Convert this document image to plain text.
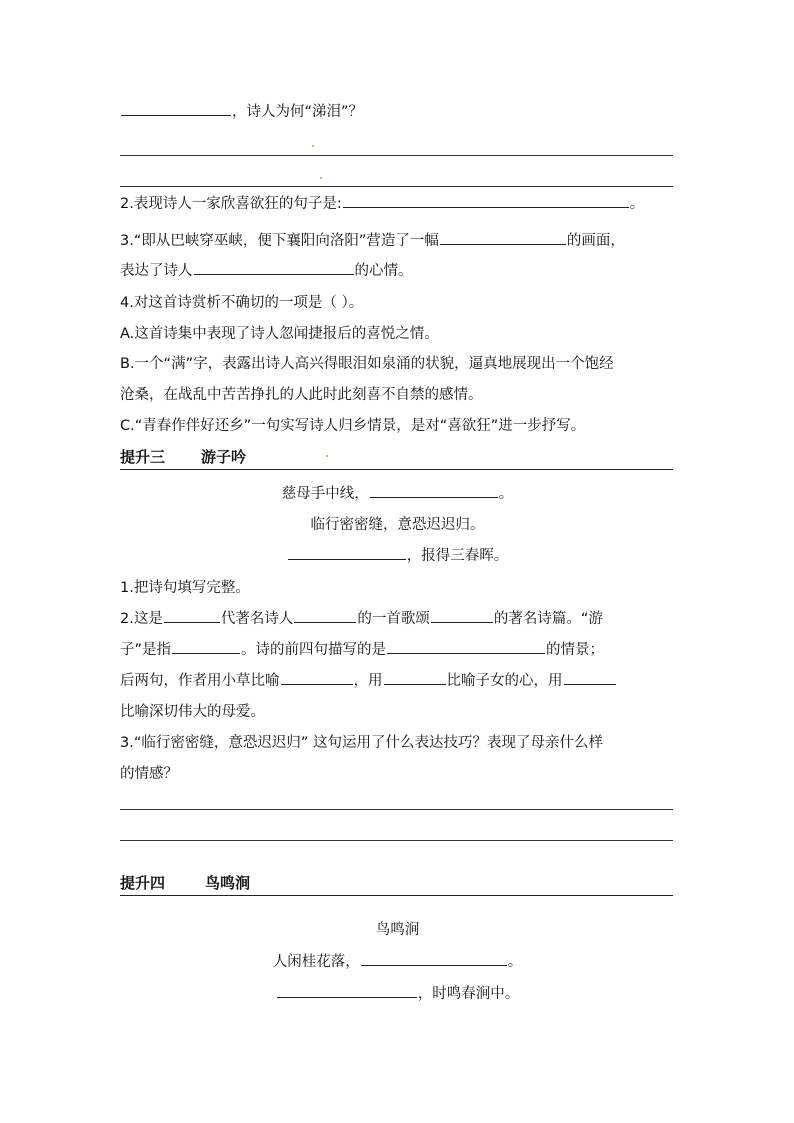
，诗人为何“涕泪”？
2.表现诗人一家欣喜欲狂的句子是:	。
3.“即从巴峡穿巫峡，便下襄阳向洛阳”营造了一幅	的画面，
表达了诗人	的心情。
4.对这首诗赏析不确切的一项是（ ）。
A.这首诗集中表现了诗人忽闻捷报后的喜悦之情。
B.一个“满”字，表露出诗人高兴得眼泪如泉涌的状貌，逼真地展现出一个饱经
沧桑，在战乱中苦苦挣扎的人此时此刻喜不自禁的感情。
C.“青春作伴好还乡”一句实写诗人归乡情景，是对“喜欲狂”进一步抒写。
提升三 游子吟
慈母手中线，	。
临行密密缝，意恐迟迟归。
，报得三春晖。
1.把诗句填写完整。
2.这是	代著名诗人	的一首歌颂	的著名诗篇。“游
子”是指	。诗的前四句描写的是	的情景；
后两句，作者用小草比喻	，用	比喻子女的心，用
比喻深切伟大的母爱。
3.“临行密密缝，意恐迟迟归” 这句运用了什么表达技巧？表现了母亲什么样
的情感？
提升四	鸟鸣涧
鸟鸣涧
人闲桂花落，	。
，时鸣春涧中。
